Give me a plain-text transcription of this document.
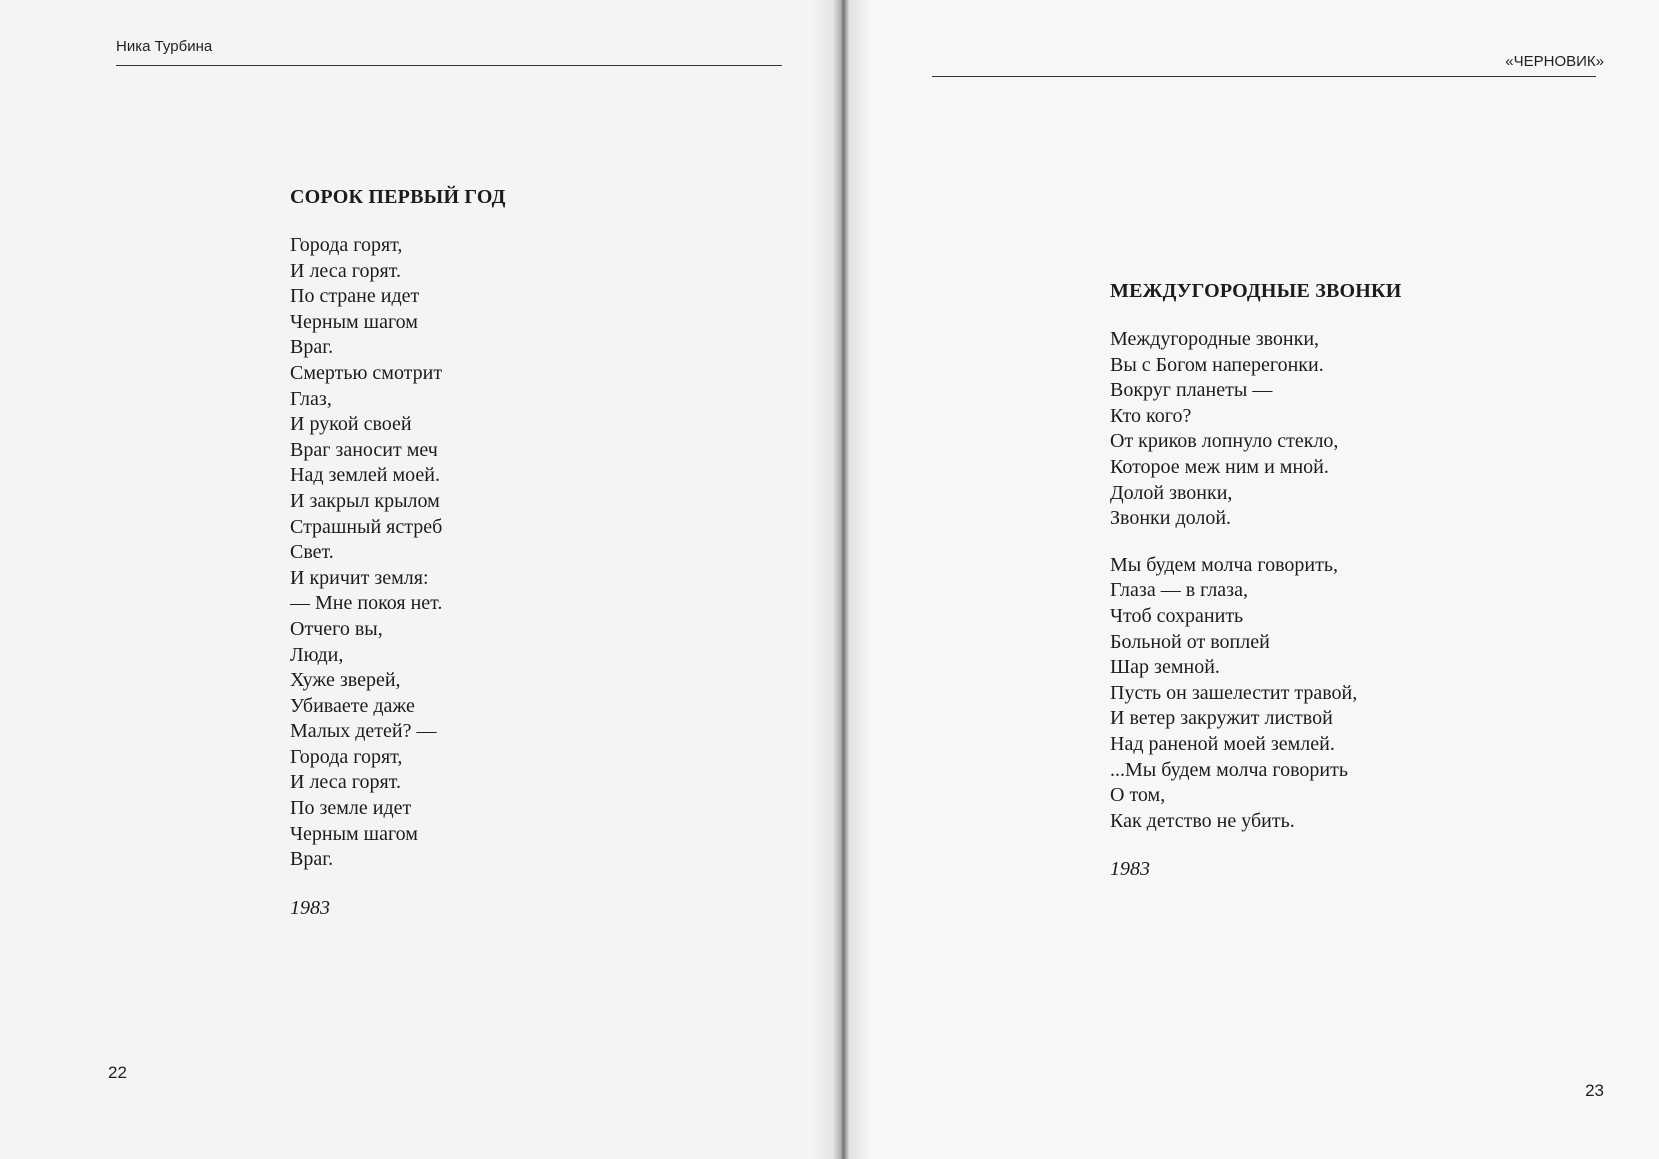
Ника Турбина
СОРОК ПЕРВЫЙ ГОД
Города горят,
И леса горят.
По стране идет
Черным шагом
Враг.
Смертью смотрит
Глаз,
И рукой своей
Враг заносит меч
Над землей моей.
И закрыл крылом
Страшный ястреб
Свет.
И кричит земля:
— Мне покоя нет.
Отчего вы,
Люди,
Хуже зверей,
Убиваете даже
Малых детей? —
Города горят,
И леса горят.
По земле идет
Черным шагом
Враг.
1983
22
«ЧЕРНОВИК»
МЕЖДУГОРОДНЫЕ ЗВОНКИ
Междугородные звонки,
Вы с Богом наперегонки.
Вокруг планеты —
Кто кого?
От криков лопнуло стекло,
Которое меж ним и мной.
Долой звонки,
Звонки долой.
Мы будем молча говорить,
Глаза — в глаза,
Чтоб сохранить
Больной от воплей
Шар земной.
Пусть он зашелестит травой,
И ветер закружит листвой
Над раненой моей землей.
...Мы будем молча говорить
О том,
Как детство не убить.
1983
23
